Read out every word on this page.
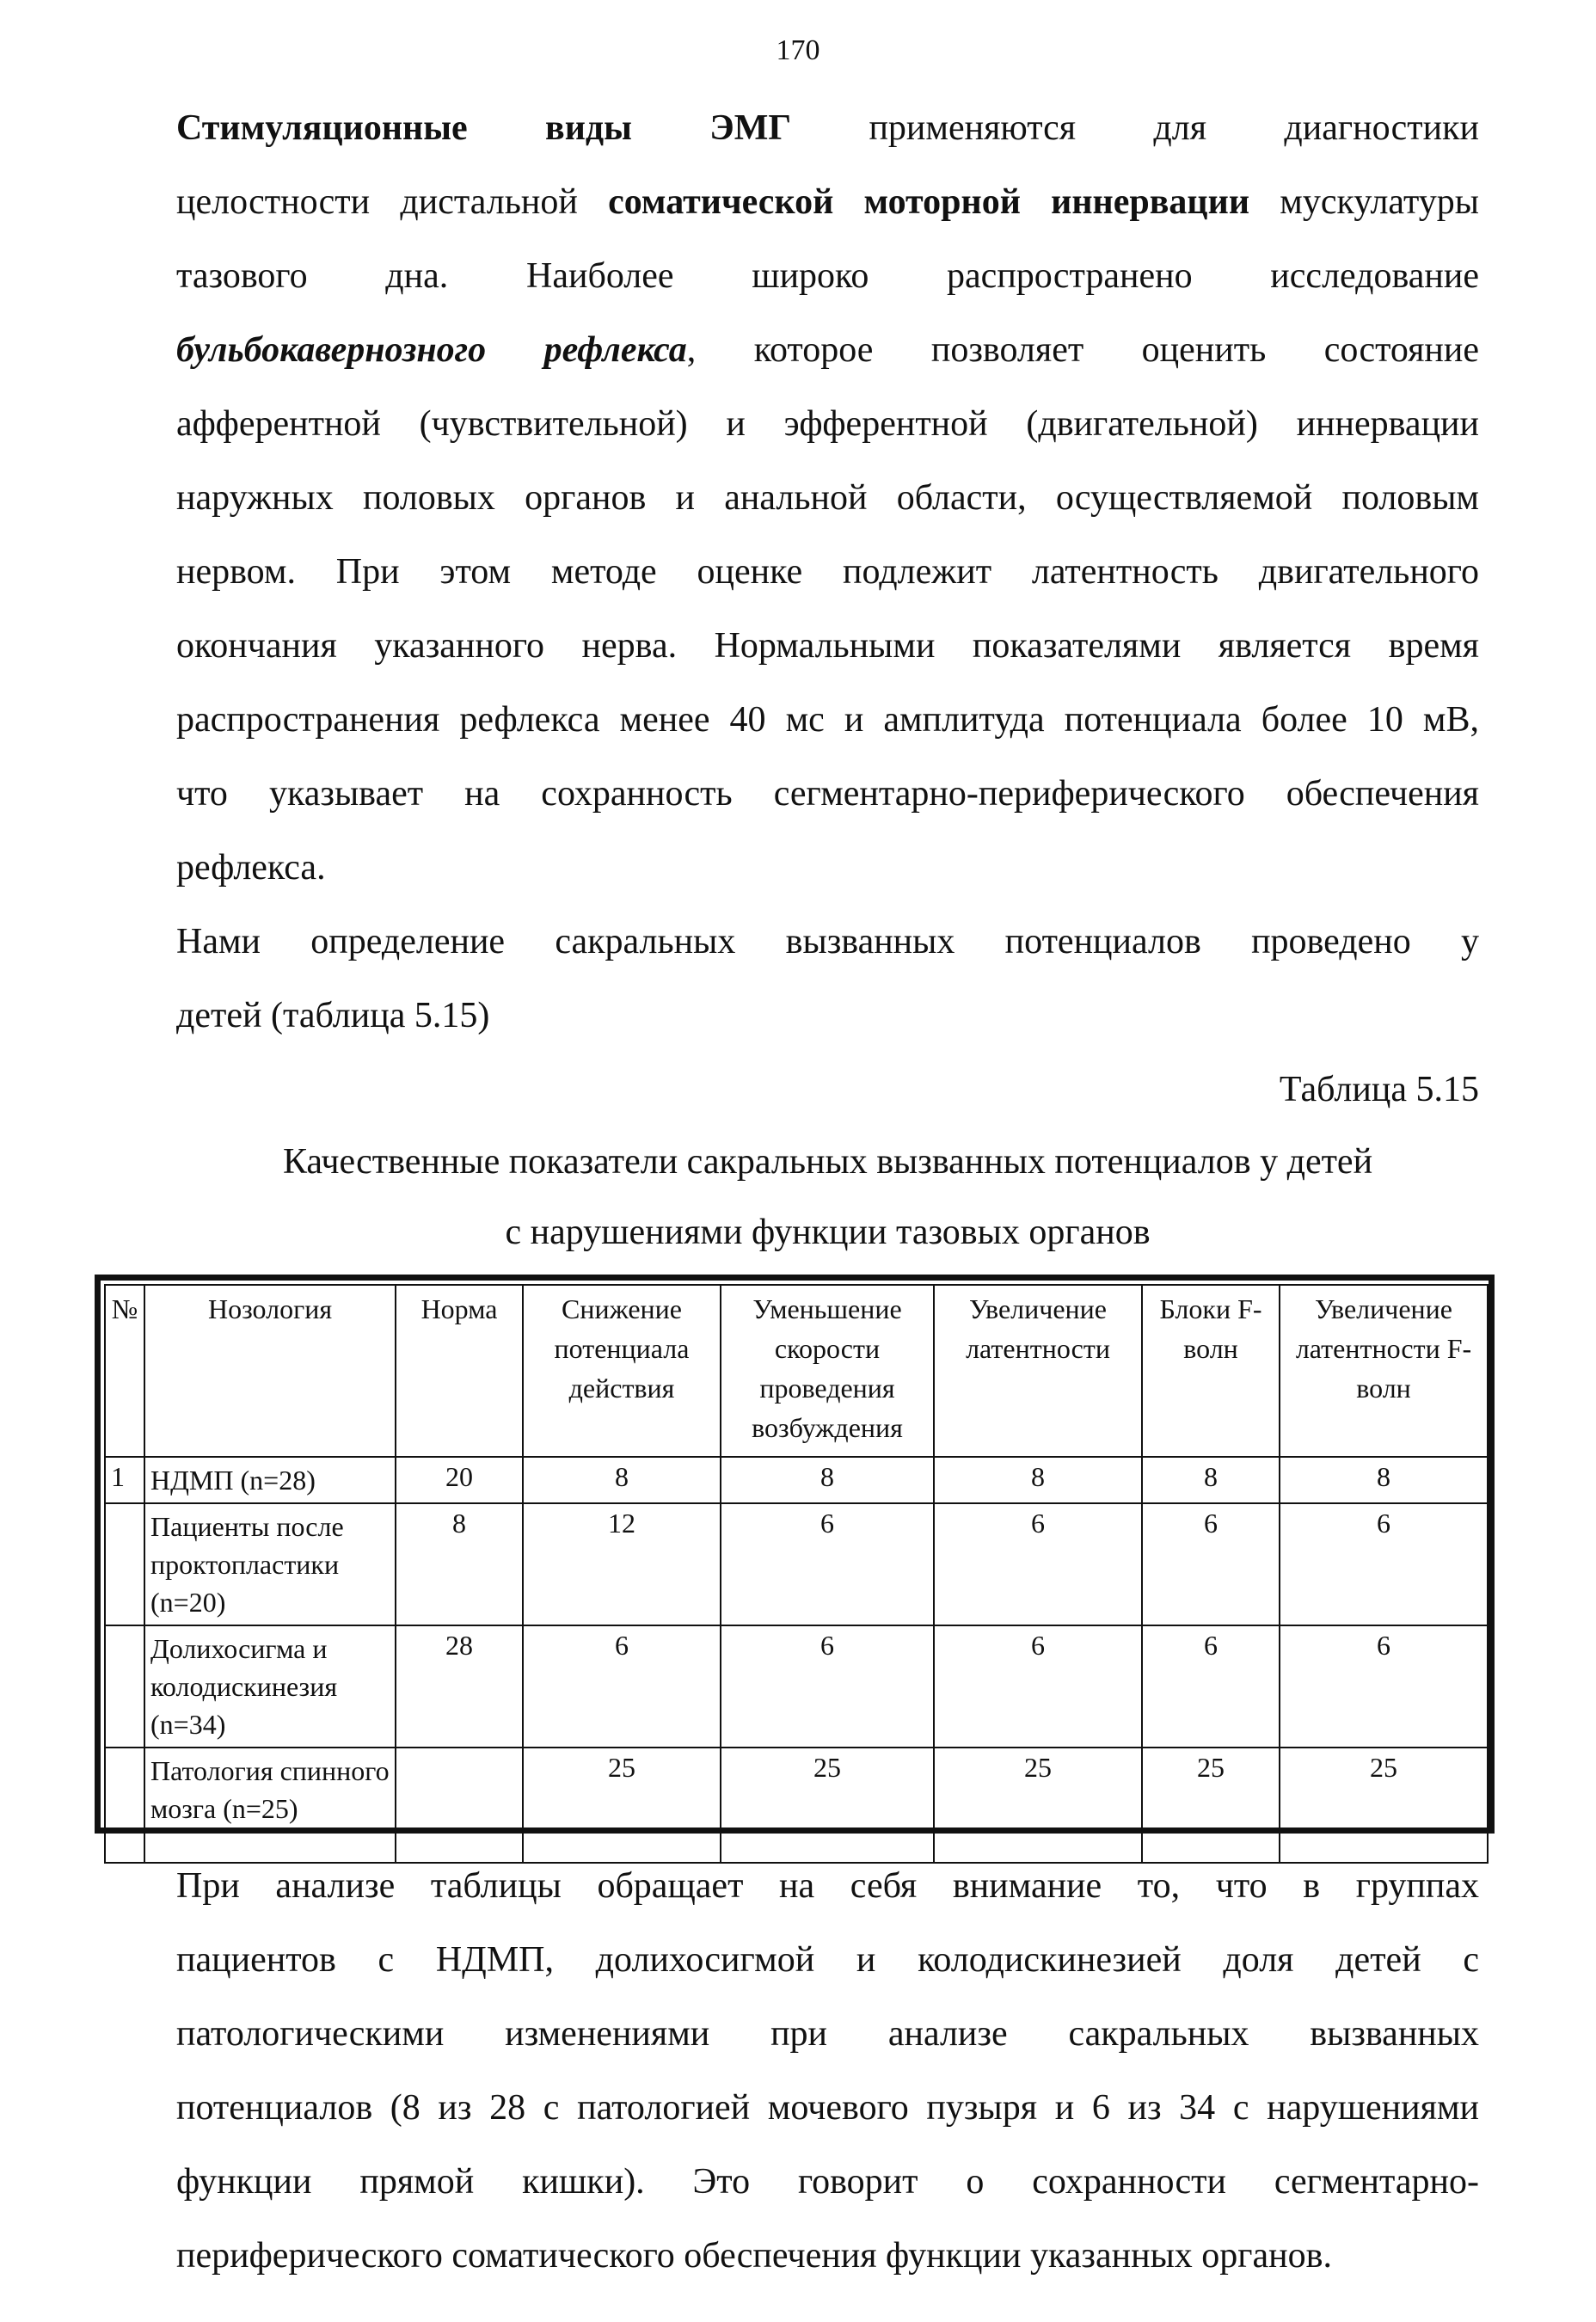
170
Стимуляционные виды ЭМГ применяются для диагностики
целостности дистальной соматической моторной иннервации мускулатуры
тазового дна. Наиболее широко распространено исследование
бульбокавернозного рефлекса, которое позволяет оценить состояние
афферентной (чувствительной) и эфферентной (двигательной) иннервации
наружных половых органов и анальной области, осуществляемой половым
нервом. При этом методе оценке подлежит латентность двигательного
окончания указанного нерва. Нормальными показателями является время
распространения рефлекса менее 40 мс и амплитуда потенциала более 10 мВ,
что указывает на сохранность сегментарно-периферического обеспечения
рефлекса.
Нами определение сакральных вызванных потенциалов проведено у
детей (таблица 5.15)
Таблица 5.15
Качественные показатели сакральных вызванных потенциалов у детей
с нарушениями функции тазовых органов
№	Нозология	Норма	Снижение потенциала действия	Уменьшение скорости проведения возбуждения	Увеличение латентности	Блоки F-волн	Увеличение латентности F-волн
1	НДМП (n=28)	20	8	8	8	8	8
	Пациенты после проктопластики (n=20)	8	12	6	6	6	6
	Долихосигма и колодискинезия (n=34)	28	6	6	6	6	6
	Патология спинного мозга (n=25)		25	25	25	25	25
При анализе таблицы обращает на себя внимание то, что в группах
пациентов с НДМП, долихосигмой и колодискинезией доля детей с
патологическими изменениями при анализе сакральных вызванных
потенциалов (8 из 28 с патологией мочевого пузыря и 6 из 34 с нарушениями
функции прямой кишки). Это говорит о сохранности сегментарно-
периферического соматического обеспечения функции указанных органов.
